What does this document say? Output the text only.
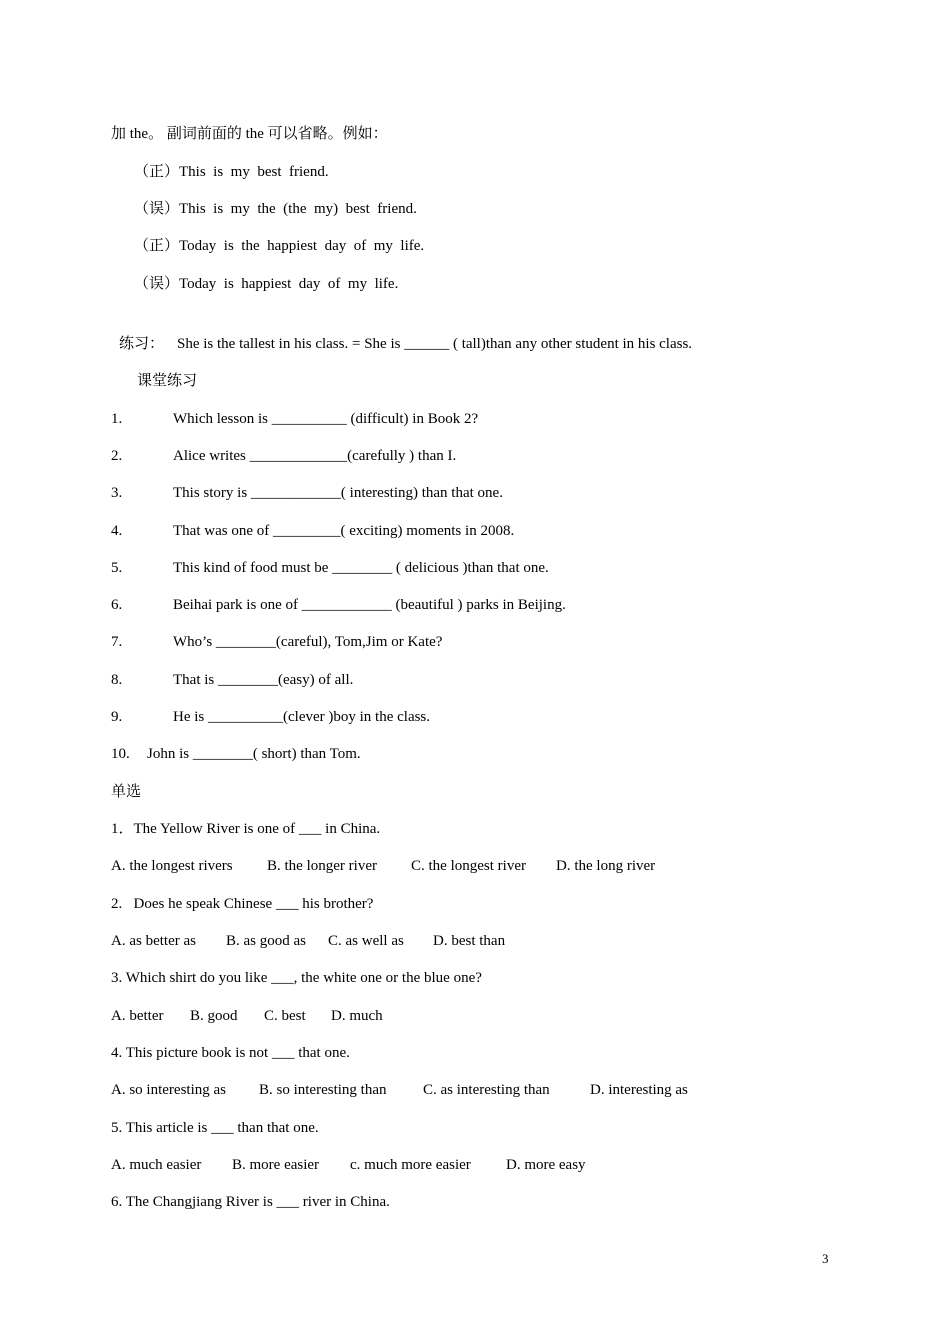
加 the。 副词前面的 the 可以省略。例如：
（正）This  is  my  best  friend.
（误）This  is  my  the  (the  my)  best  friend.
（正）Today  is  the  happiest  day  of  my  life.
（误）Today  is  happiest  day  of  my  life.
练习： She is the tallest in his class. = She is ______ ( tall)than any other student in his class.
课堂练习
1.	Which lesson is __________ (difficult) in Book 2?
2.	Alice writes _____________(carefully ) than I.
3.	This story is ____________( interesting) than that one.
4.	That was one of _________( exciting) moments in 2008.
5.	This kind of food must be ________ ( delicious )than that one.
6.	Beihai park is one of ____________ (beautiful ) parks in Beijing.
7.	Who’s ________(careful), Tom,Jim or Kate?
8.	That is ________(easy) of all.
9.	He is __________(clever )boy in the class.
10. John is ________( short) than Tom.
单选
1．The Yellow River is one of ___ in China.
A. the longest rivers B. the longer river C. the longest river D. the long river
2.   Does he speak Chinese ___ his brother?
A. as better as B. as good as C. as well as D. best than
3. Which shirt do you like ___, the white one or the blue one?
A. better B. good C. best D. much
4. This picture book is not ___ that one.
A. so interesting as B. so interesting than C. as interesting than	D. interesting as
5. This article is ___ than that one.
A. much easier B. more easier c. much more easier D. more easy
6. The Changjiang River is ___ river in China.
3
